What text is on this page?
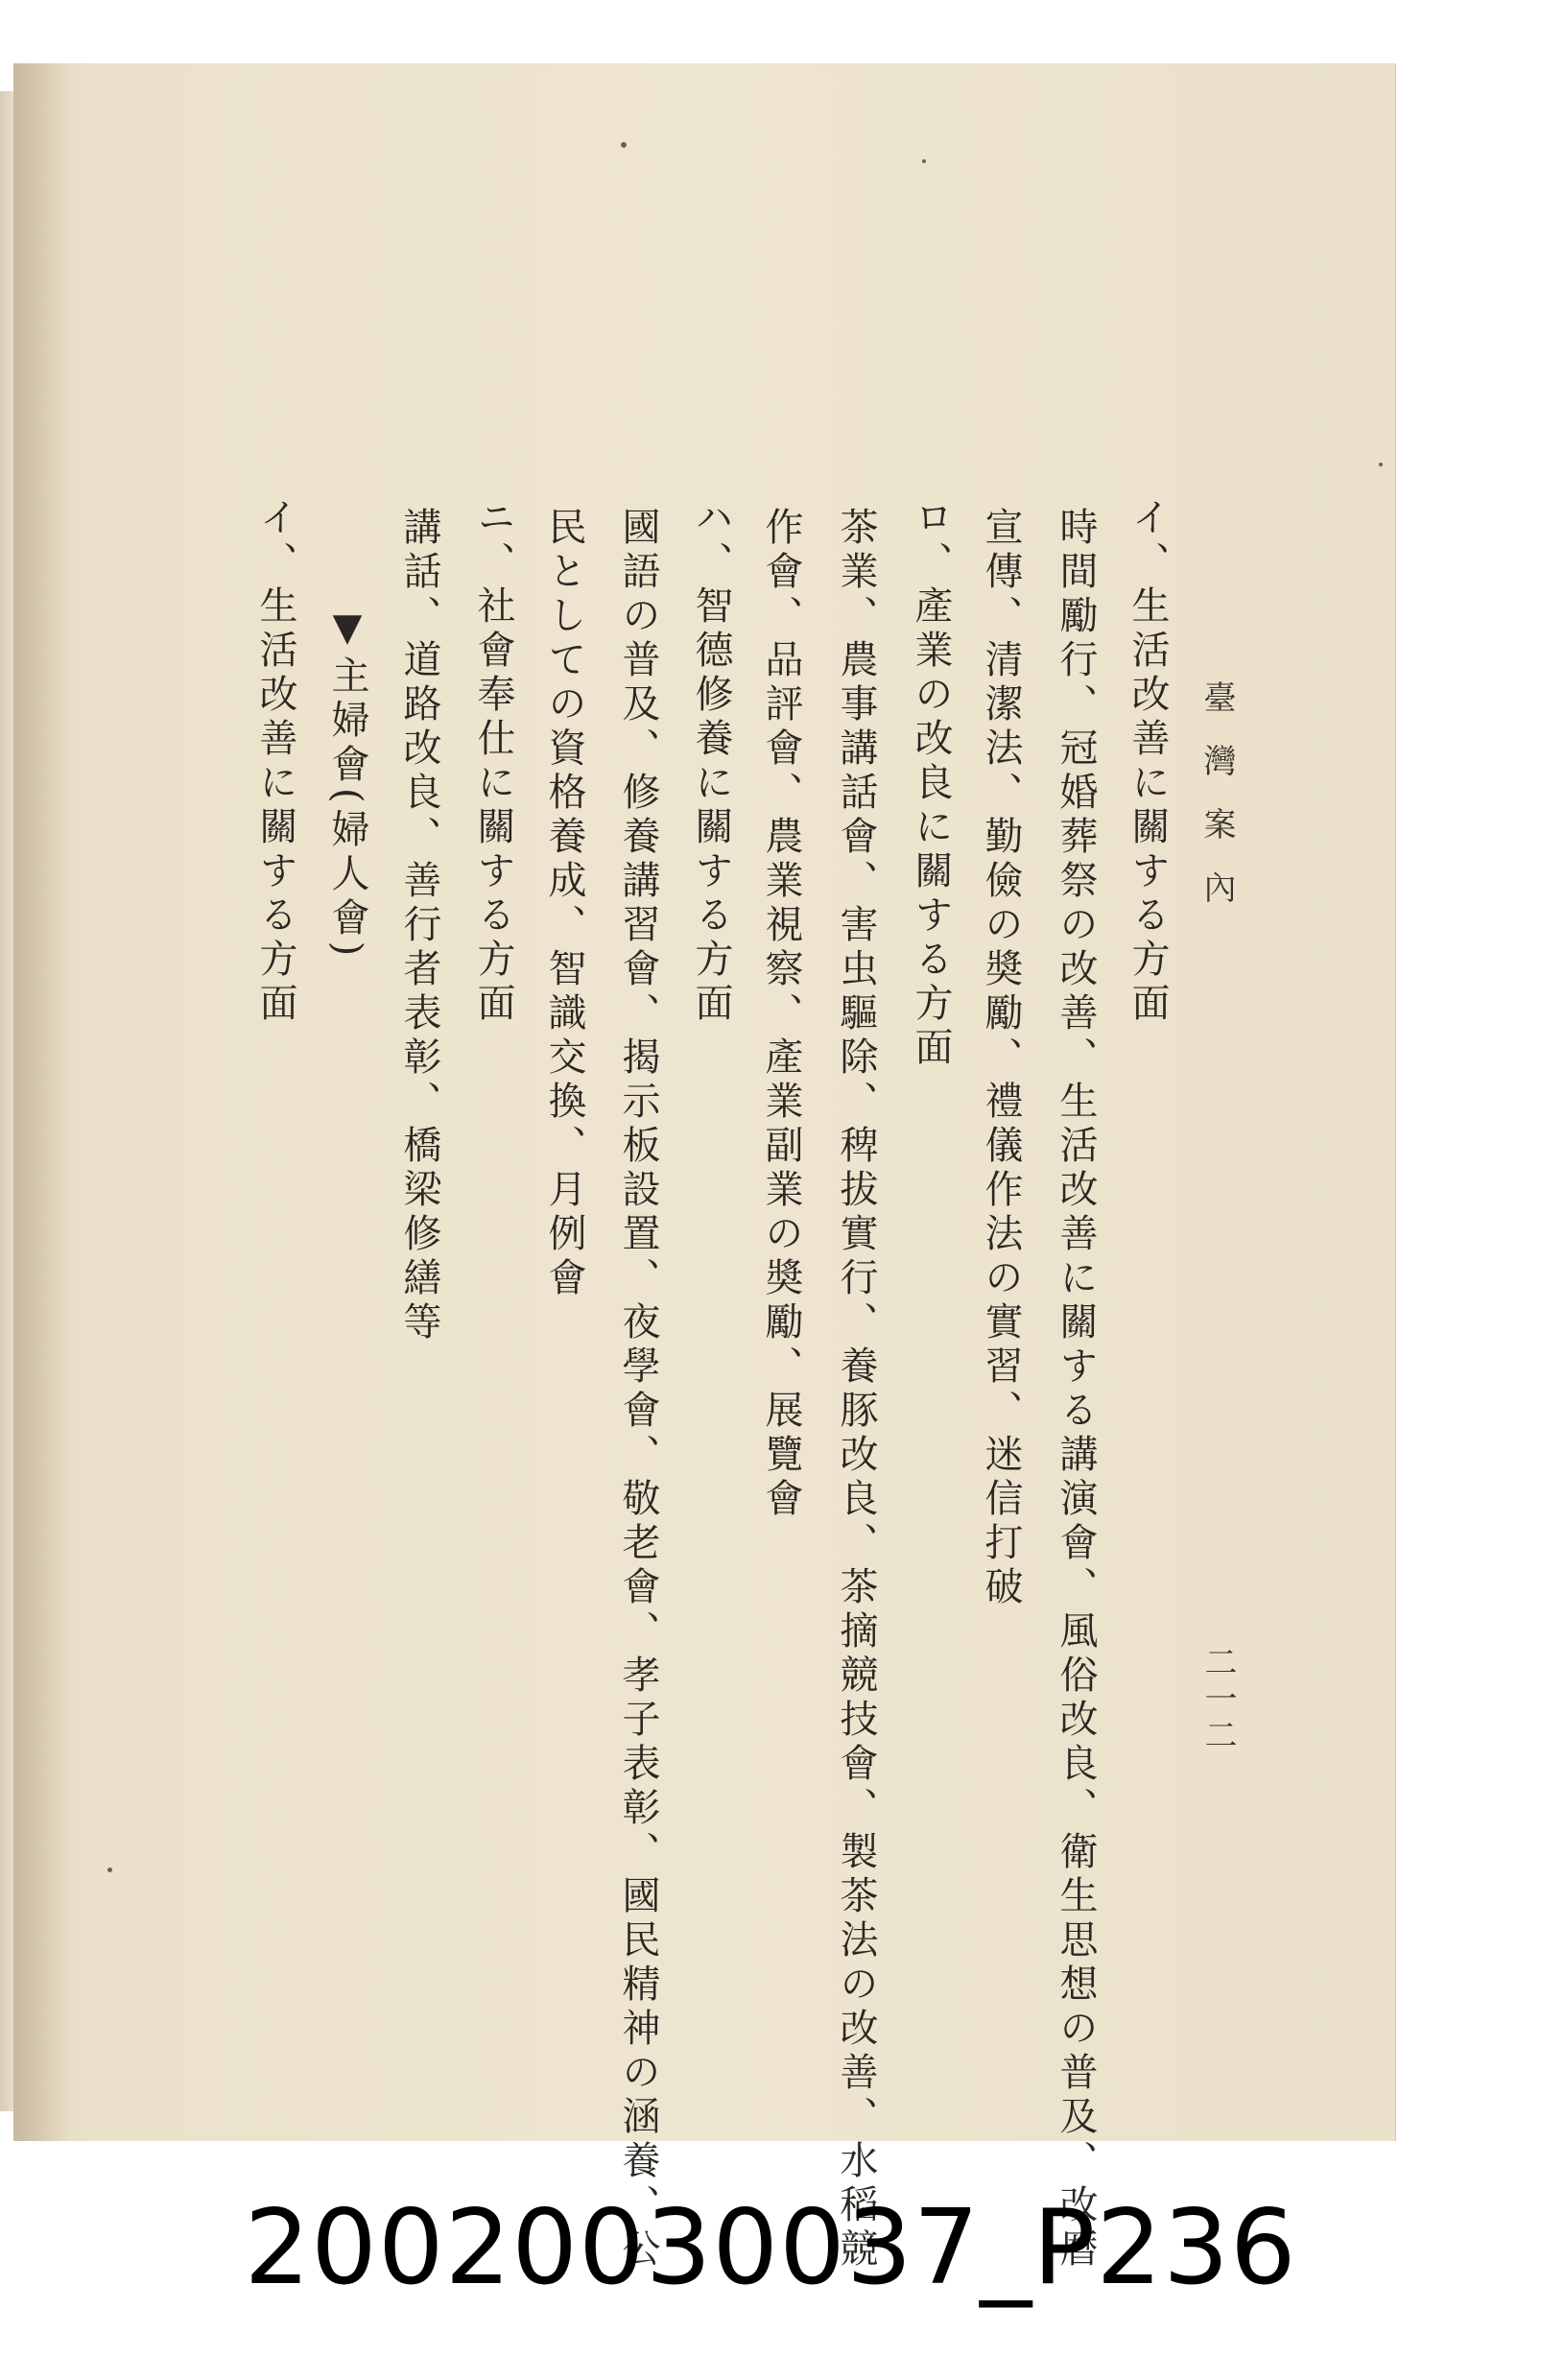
臺灣案內
二一二
イ、生活改善に關する方面
時間勵行、冠婚葬祭の改善、生活改善に關する講演會、風俗改良、衛生思想の普及、改暦
宣傳、清潔法、勤儉の奬勵、禮儀作法の實習、迷信打破
ロ、產業の改良に關する方面
茶業、農事講話會、害虫驅除、稗拔實行、養豚改良、茶摘競技會、製茶法の改善、水稻競
作會、品評會、農業視察、產業副業の奬勵、展覽會
ハ、智德修養に關する方面
國語の普及、修養講習會、揭示板設置、夜學會、敬老會、孝子表彰、國民精神の涵養、公
民としての資格養成、智識交換、月例會
ニ、社會奉仕に關する方面
講話、道路改良、善行者表彰、橋梁修繕等
▼主婦會(婦人會)
イ、生活改善に關する方面
20020030037_P236
